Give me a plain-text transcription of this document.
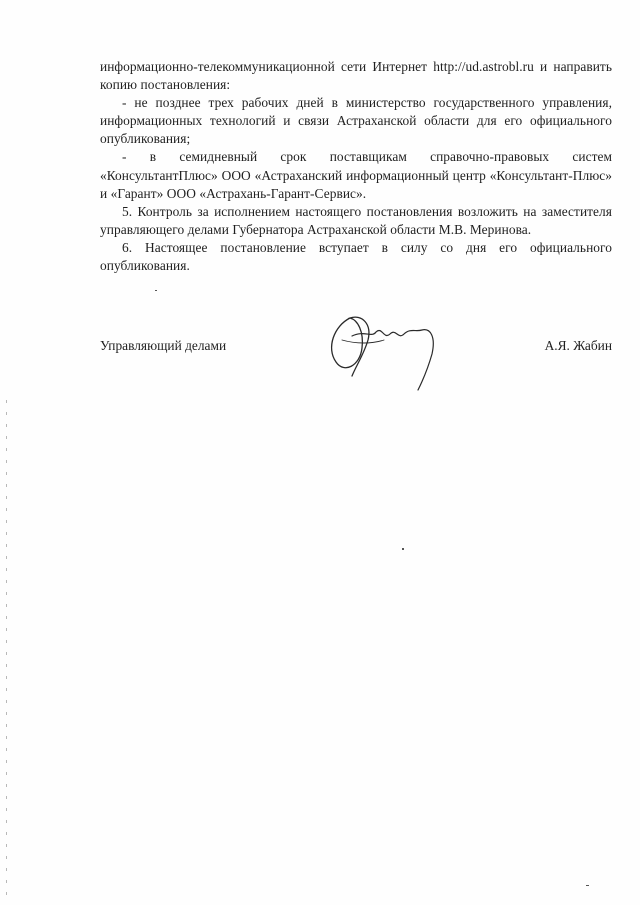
информационно-телекоммуникационной сети Интернет http://ud.astrobl.ru и направить копию постановления:

- не позднее трех рабочих дней в министерство государственного управления, информационных технологий и связи Астраханской области для его официального опубликования;

- в семидневный срок поставщикам справочно-правовых систем «КонсультантПлюс» ООО «Астраханский информационный центр «Консультант-Плюс» и «Гарант» ООО «Астрахань-Гарант-Сервис».

5. Контроль за исполнением настоящего постановления возложить на заместителя управляющего делами Губернатора Астраханской области М.В. Меринова.

6. Настоящее постановление вступает в силу со дня его официального опубликования.

Управляющий делами	А.Я. Жабин
